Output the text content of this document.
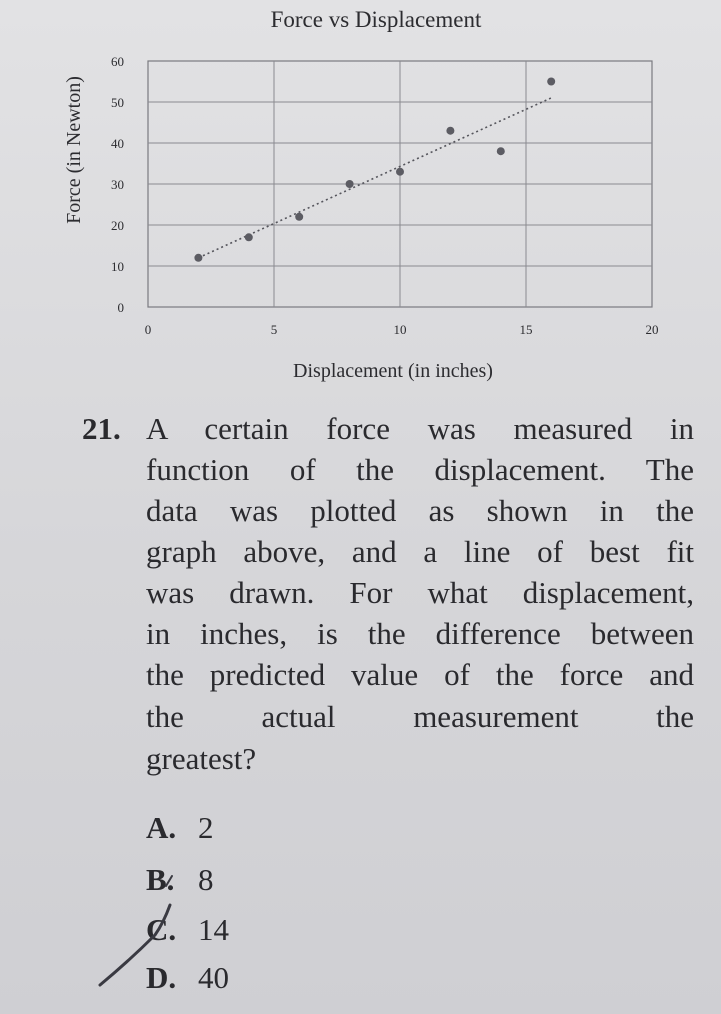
Force vs Displacement
Force (in Newton)
Displacement (in inches)
0
10
20
30
40
50
60
0	5	10	15	20
21. A certain force was measured in
function of the displacement. The
data was plotted as shown in the
graph above, and a line of best fit
was drawn. For what displacement,
in inches, is the difference between
the predicted value of the force and
the actual measurement the
greatest?
A. 2
B. 8
C. 14
D. 40
